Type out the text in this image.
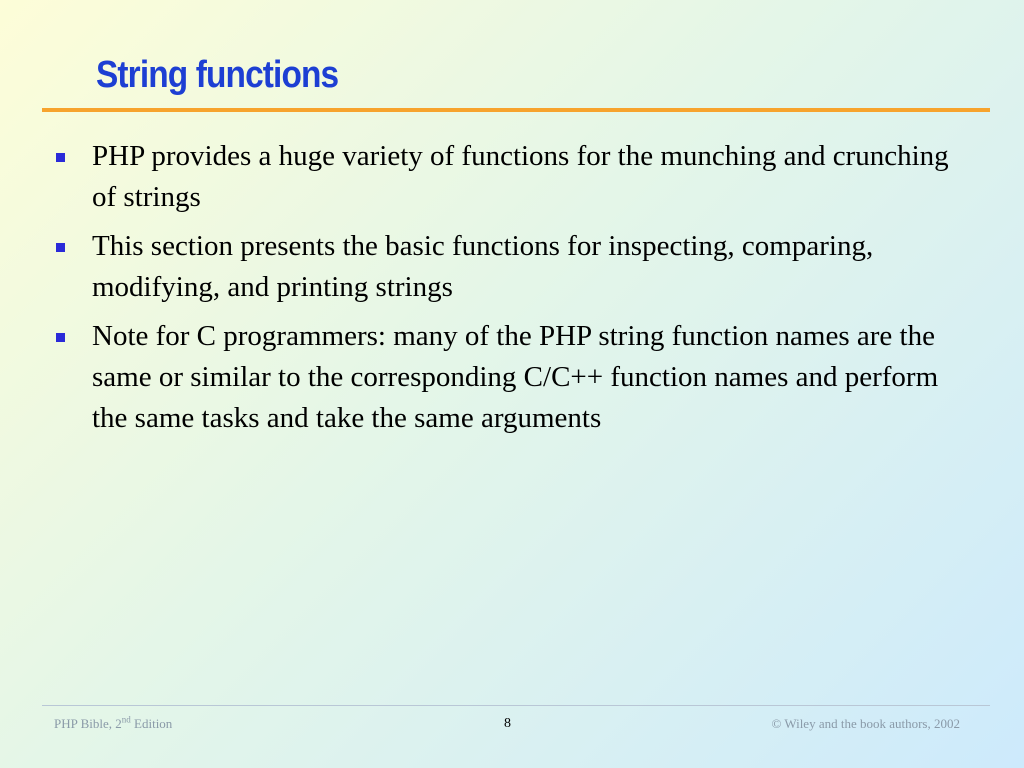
String functions
PHP provides a huge variety of functions for the munching and crunching of strings
This section presents the basic functions for inspecting, comparing, modifying, and printing strings
Note for C programmers: many of the PHP string function names are the same or similar to the corresponding C/C++ function names and perform the same tasks and take the same arguments
PHP Bible, 2nd Edition	8	© Wiley and the book authors, 2002
